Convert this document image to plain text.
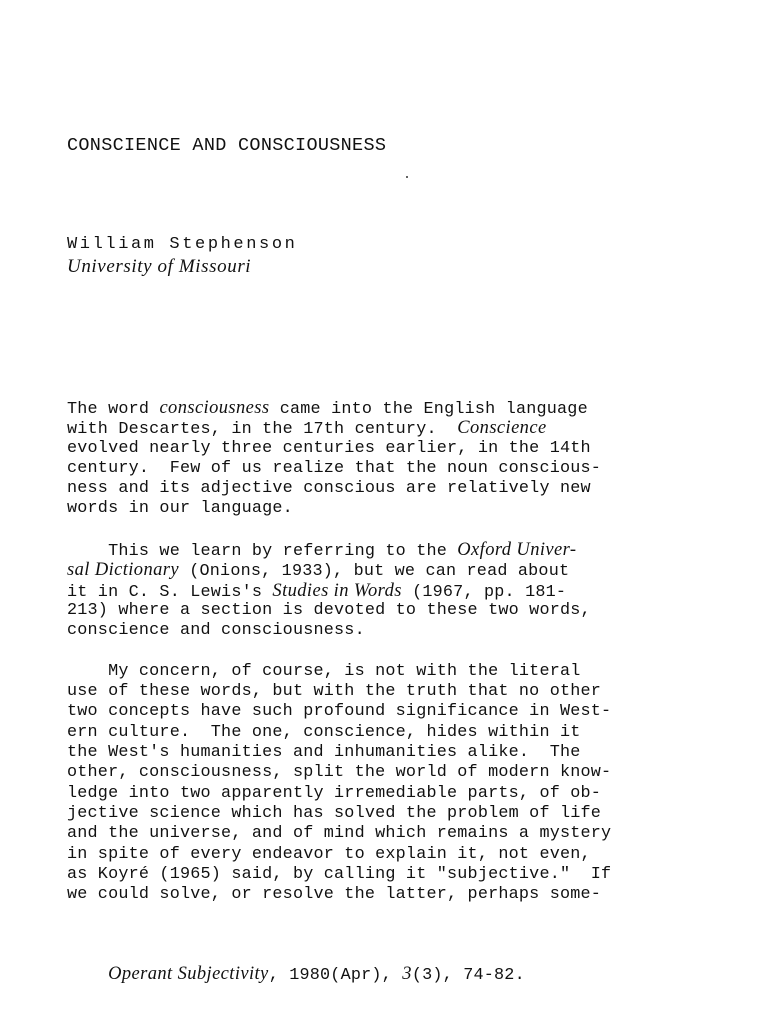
CONSCIENCE AND CONSCIOUSNESS
William Stephenson
University of Missouri
The word consciousness came into the English language
with Descartes, in the 17th century.  Conscience
evolved nearly three centuries earlier, in the 14th
century.  Few of us realize that the noun conscious-
ness and its adjective conscious are relatively new
words in our language.
This we learn by referring to the Oxford Univer-
sal Dictionary (Onions, 1933), but we can read about
it in C. S. Lewis's Studies in Words (1967, pp. 181-
213) where a section is devoted to these two words,
conscience and consciousness.
My concern, of course, is not with the literal
use of these words, but with the truth that no other
two concepts have such profound significance in West-
ern culture.  The one, conscience, hides within it
the West's humanities and inhumanities alike.  The
other, consciousness, split the world of modern know-
ledge into two apparently irremediable parts, of ob-
jective science which has solved the problem of life
and the universe, and of mind which remains a mystery
in spite of every endeavor to explain it, not even,
as Koyré (1965) said, by calling it "subjective."  If
we could solve, or resolve the latter, perhaps some-

Operant Subjectivity, 1980(Apr), 3(3), 74-82.
